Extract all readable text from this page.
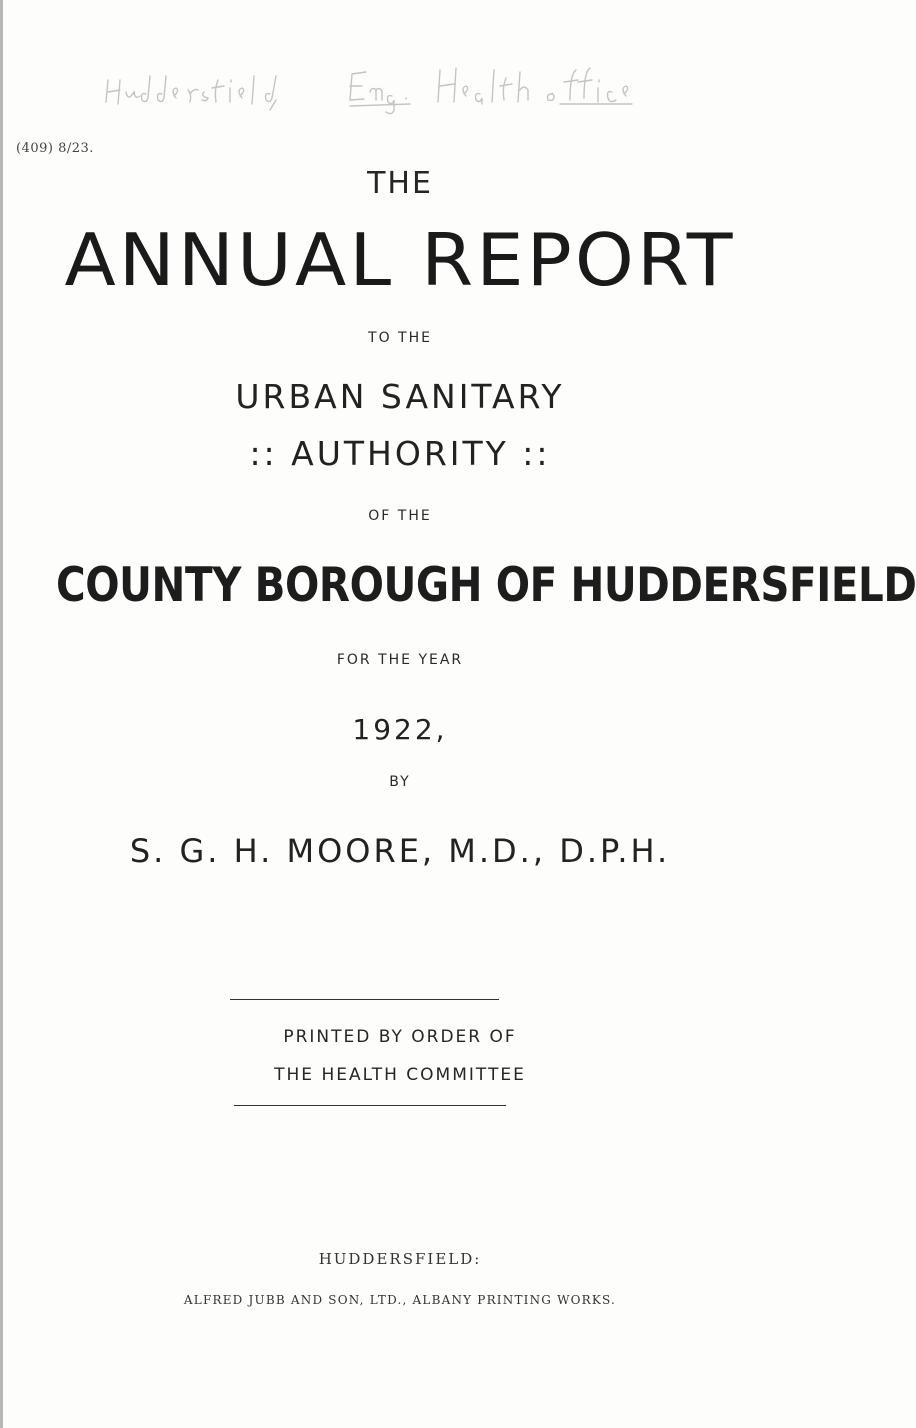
(409) 8/23.
THE
ANNUAL REPORT
TO THE
URBAN SANITARY
:: AUTHORITY ::
OF THE
COUNTY BOROUGH OF HUDDERSFIELD
FOR THE YEAR
1922,
BY
S. G. H. MOORE, M.D., D.P.H.
PRINTED BY ORDER OF
THE HEALTH COMMITTEE
HUDDERSFIELD:
ALFRED JUBB AND SON, LTD., ALBANY PRINTING WORKS.
